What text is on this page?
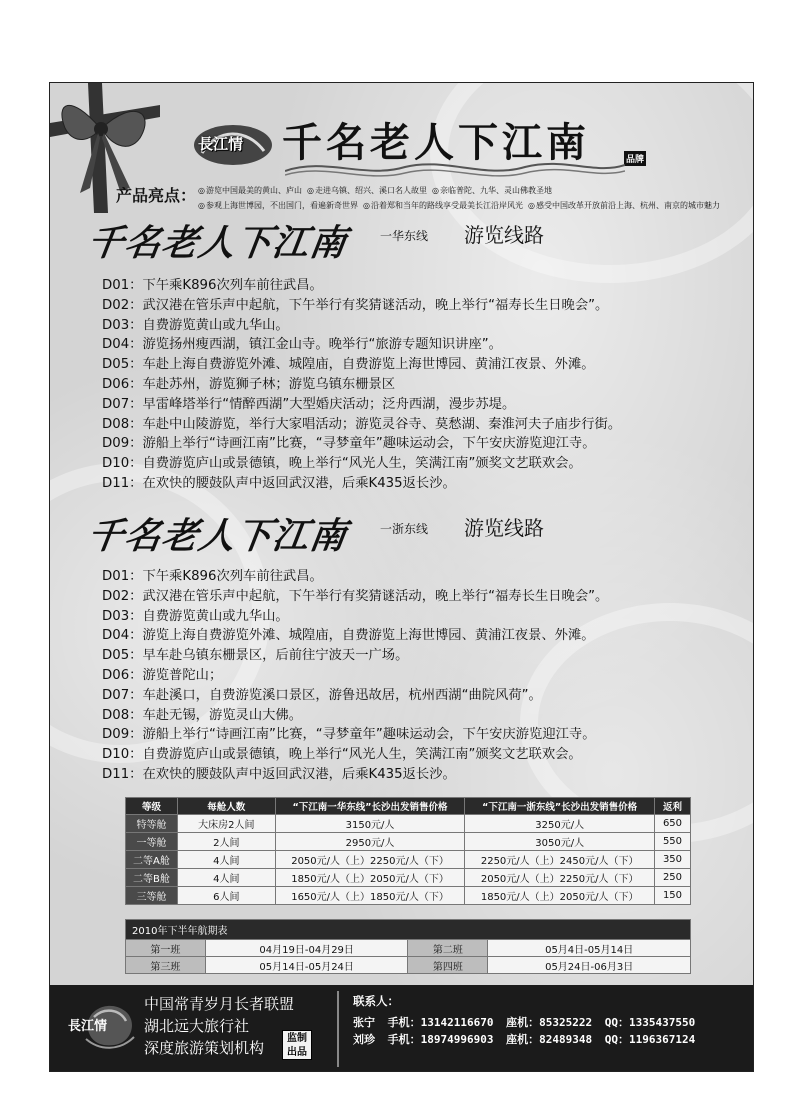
長江情 千名老人下江南	品牌
产品亮点：	◎ 游览中国最美的黄山、庐山 ◎ 走进乌镇、绍兴、溪口名人故里 ◎ 亲临普陀、九华、灵山佛教圣地
◎ 参观上海世博园，不出国门，看遍新奇世界 ◎ 沿着郑和当年的路线享受最美长江沿岸风光 ◎ 感受中国改革开放前沿上海、杭州、南京的城市魅力
千名老人下江南	一华东线 游览线路
D01：下午乘K896次列车前往武昌。
D02：武汉港在管乐声中起航，下午举行有奖猜谜活动，晚上举行“福寿长生日晚会”。
D03：自费游览黄山或九华山。
D04：游览扬州瘦西湖，镇江金山寺。晚举行“旅游专题知识讲座”。
D05：车赴上海自费游览外滩、城隍庙，自费游览上海世博园、黄浦江夜景、外滩。
D06：车赴苏州，游览狮子林；游览乌镇东栅景区
D07：早雷峰塔举行“情醉西湖”大型婚庆活动；泛舟西湖，漫步苏堤。
D08：车赴中山陵游览，举行大家唱活动；游览灵谷寺、莫愁湖、秦淮河夫子庙步行街。
D09：游船上举行“诗画江南”比赛，“寻梦童年”趣味运动会，下午安庆游览迎江寺。
D10：自费游览庐山或景德镇，晚上举行“风光人生，笑满江南”颁奖文艺联欢会。
D11：在欢快的腰鼓队声中返回武汉港，后乘K435返长沙。
千名老人下江南	一浙东线 游览线路
D01：下午乘K896次列车前往武昌。
D02：武汉港在管乐声中起航，下午举行有奖猜谜活动，晚上举行“福寿长生日晚会”。
D03：自费游览黄山或九华山。
D04：游览上海自费游览外滩、城隍庙，自费游览上海世博园、黄浦江夜景、外滩。
D05：早车赴乌镇东栅景区，后前往宁波天一广场。
D06：游览普陀山；
D07：车赴溪口，自费游览溪口景区，游鲁迅故居，杭州西湖“曲院风荷”。
D08：车赴无锡，游览灵山大佛。
D09：游船上举行“诗画江南”比赛，“寻梦童年”趣味运动会，下午安庆游览迎江寺。
D10：自费游览庐山或景德镇，晚上举行“风光人生，笑满江南”颁奖文艺联欢会。
D11：在欢快的腰鼓队声中返回武汉港，后乘K435返长沙。
等级	每舱人数	“下江南一华东线”长沙出发销售价格	“下江南一浙东线”长沙出发销售价格	返利
特等舱	大床房2人间	3150元/人	3250元/人	650
一等舱	2人间	2950元/人	3050元/人	550
二等A舱	4人间	2050元/人（上）2250元/人（下）	2250元/人（上）2450元/人（下）	350
二等B舱	4人间	1850元/人（上）2050元/人（下）	2050元/人（上）2250元/人（下）	250
三等舱	6人间	1650元/人（上）1850元/人（下）	1850元/人（上）2050元/人（下）	150
2010年下半年航期表
第一班	04月19日-04月29日	第二班	05月4日-05月14日
第三班	05月14日-05月24日	第四班	05月24日-06月3日
長江情
中国常青岁月长者联盟
湖北远大旅行社
深度旅游策划机构
监制
出品
联系人：
张宁 手机：13142116670 座机：85325222 QQ：1335437550
刘珍 手机：18974996903 座机：82489348 QQ：1196367124
